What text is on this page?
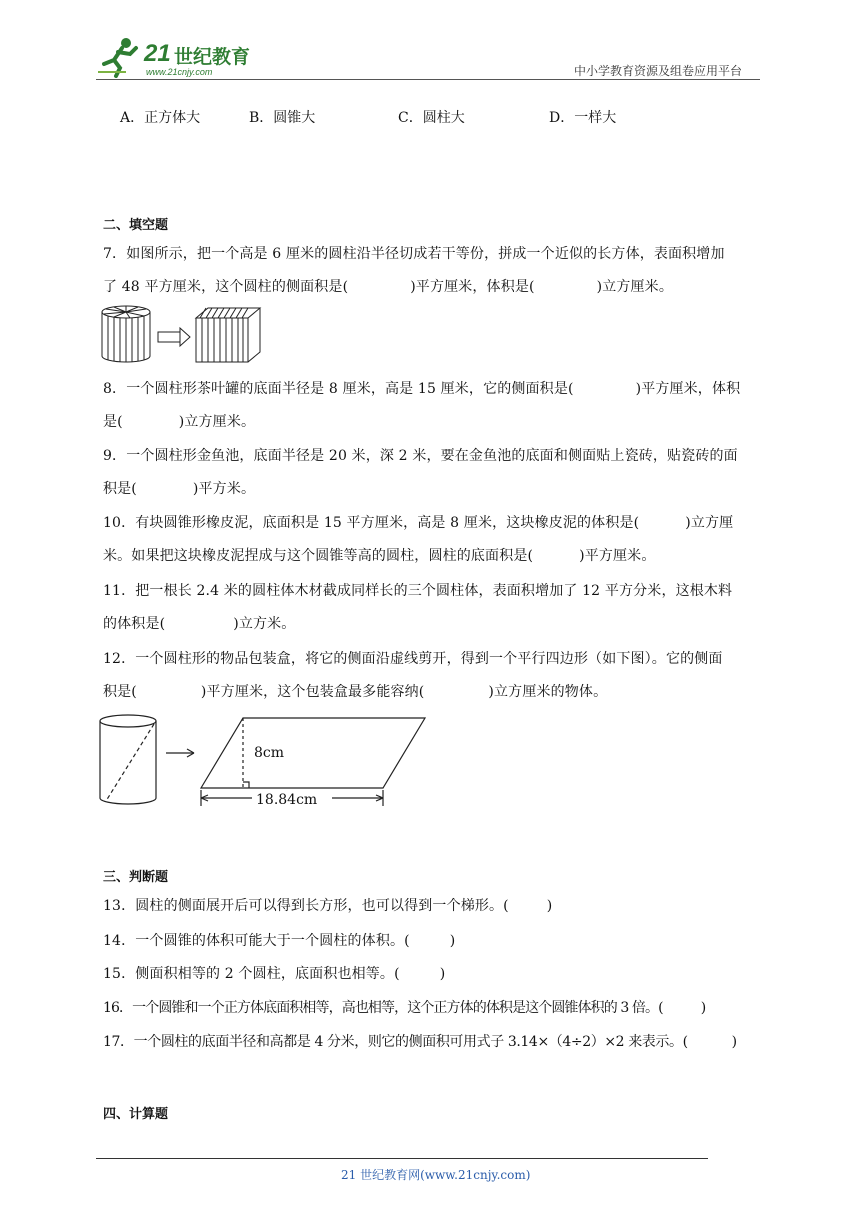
21 世纪教育
www.21cnjy.com	中小学教育资源及组卷应用平台
A．正方体大	B．圆锥大	C．圆柱大	D．一样大
二、填空题
7．如图所示，把一个高是 6 厘米的圆柱沿半径切成若干等份，拼成一个近似的长方体，表面积增加
了 48 平方厘米，这个圆柱的侧面积是(	)平方厘米，体积是(	)立方厘米。
8．一个圆柱形茶叶罐的底面半径是 8 厘米，高是 15 厘米，它的侧面积是(	)平方厘米，体积
是(	)立方厘米。
9．一个圆柱形金鱼池，底面半径是 20 米，深 2 米，要在金鱼池的底面和侧面贴上瓷砖，贴瓷砖的面
积是(	)平方米。
10．有块圆锥形橡皮泥，底面积是 15 平方厘米，高是 8 厘米，这块橡皮泥的体积是(	)立方厘
米。如果把这块橡皮泥捏成与这个圆锥等高的圆柱，圆柱的底面积是(	)平方厘米。
11．把一根长 2.4 米的圆柱体木材截成同样长的三个圆柱体，表面积增加了 12 平方分米，这根木料
的体积是(	)立方米。
12．一个圆柱形的物品包装盒，将它的侧面沿虚线剪开，得到一个平行四边形（如下图）。它的侧面
积是(	)平方厘米，这个包装盒最多能容纳(	)立方厘米的物体。
8cm
18.84cm
三、判断题
13．圆柱的侧面展开后可以得到长方形，也可以得到一个梯形。(	)
14．一个圆锥的体积可能大于一个圆柱的体积。(	)
15．侧面积相等的 2 个圆柱，底面积也相等。(	)
16．一个圆锥和一个正方体底面积相等，高也相等，这个正方体的体积是这个圆锥体积的 3 倍。(	)
17．一个圆柱的底面半径和高都是 4 分米，则它的侧面积可用式子 3.14×（4÷2）×2 来表示。(	)
四、计算题
21 世纪教育网(www.21cnjy.com)
